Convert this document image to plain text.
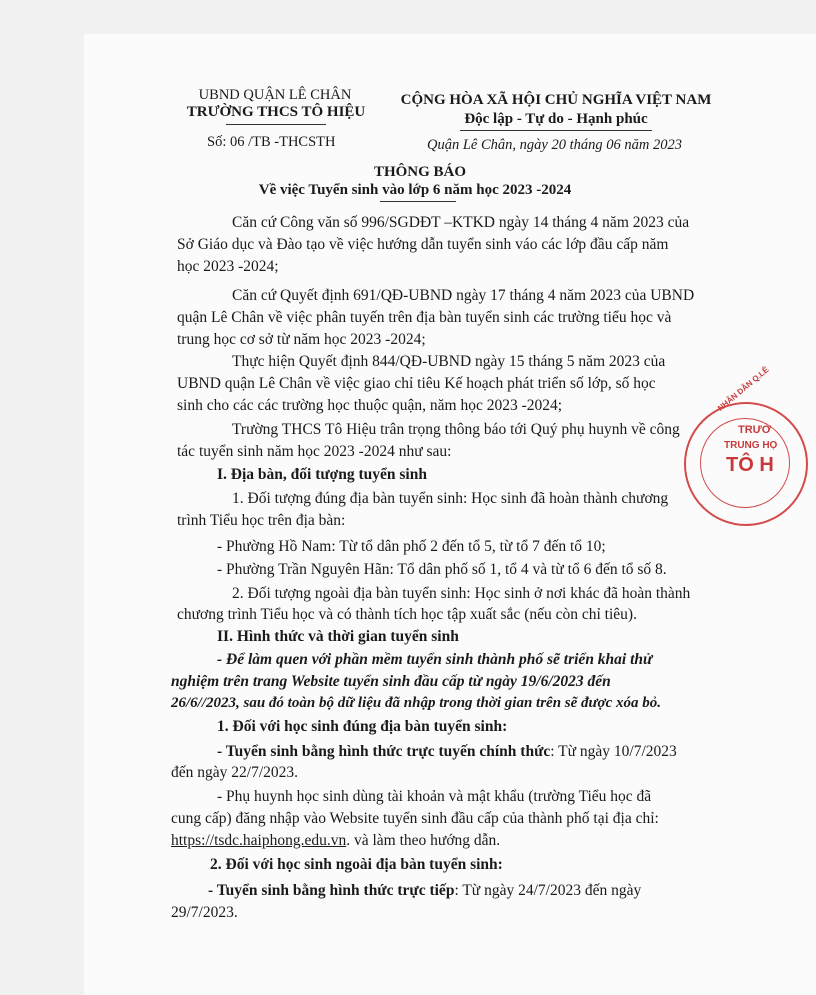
UBND QUẬN LÊ CHÂN
TRƯỜNG THCS TÔ HIỆU
Số: 06 /TB -THCSTH
CỘNG HÒA XÃ HỘI CHỦ NGHĨA VIỆT NAM
Độc lập - Tự do - Hạnh phúc
Quận Lê Chân, ngày 20 tháng 06 năm 2023
THÔNG BÁO
Về việc Tuyển sinh vào lớp 6 năm học 2023 -2024
Căn cứ Công văn số 996/SGDĐT –KTKD ngày 14 tháng 4 năm 2023 của
Sở Giáo dục và Đào tạo về việc hướng dẫn tuyển sinh váo các lớp đầu cấp năm
học 2023 -2024;
Căn cứ Quyết định 691/QĐ-UBND ngày 17 tháng 4 năm 2023 của UBND
quận Lê Chân về việc phân tuyến trên địa bàn tuyển sinh các trường tiểu học và
trung học cơ sở từ năm học 2023 -2024;
Thực hiện Quyết định 844/QĐ-UBND ngày 15 tháng 5 năm 2023 của
UBND quận Lê Chân về việc giao chỉ tiêu Kế hoạch phát triển số lớp, số học
sinh cho các các trường học thuộc quận, năm học 2023 -2024;
Trường THCS Tô Hiệu trân trọng thông báo tới Quý phụ huynh về công
tác tuyển sinh năm học 2023 -2024 như sau:
I. Địa bàn, đối tượng tuyển sinh
1. Đối tượng đúng địa bàn tuyển sinh: Học sinh đã hoàn thành chương
trình Tiểu học trên địa bàn:
- Phường Hồ Nam: Từ tổ dân phố 2 đến tổ 5, từ tổ 7 đến tổ 10;
- Phường Trần Nguyên Hãn: Tổ dân phố số 1, tổ 4 và từ tổ 6 đến tổ số 8.
2. Đối tượng ngoài địa bàn tuyển sinh: Học sinh ở nơi khác đã hoàn thành
chương trình Tiểu học và có thành tích học tập xuất sắc (nếu còn chỉ tiêu).
II. Hình thức và thời gian tuyển sinh
- Để làm quen với phần mềm tuyển sinh thành phố sẽ triển khai thử
nghiệm trên trang Website tuyển sinh đầu cấp từ ngày 19/6/2023 đến
26/6//2023, sau đó toàn bộ dữ liệu đã nhập trong thời gian trên sẽ được xóa bỏ.
1. Đối với học sinh đúng địa bàn tuyển sinh:
- Tuyển sinh bằng hình thức trực tuyến chính thức: Từ ngày 10/7/2023
đến ngày 22/7/2023.
- Phụ huynh học sinh dùng tài khoản và mật khẩu (trường Tiểu học đã
cung cấp) đăng nhập vào Website tuyển sinh đầu cấp của thành phố tại địa chỉ:
https://tsdc.haiphong.edu.vn. và làm theo hướng dẫn.
2. Đối với học sinh ngoài địa bàn tuyển sinh:
- Tuyển sinh bằng hình thức trực tiếp: Từ ngày 24/7/2023 đến ngày
29/7/2023.
NHÂN DÂN Q.LÊ
TRƯỜ
TRUNG HỌ
TÔ H
